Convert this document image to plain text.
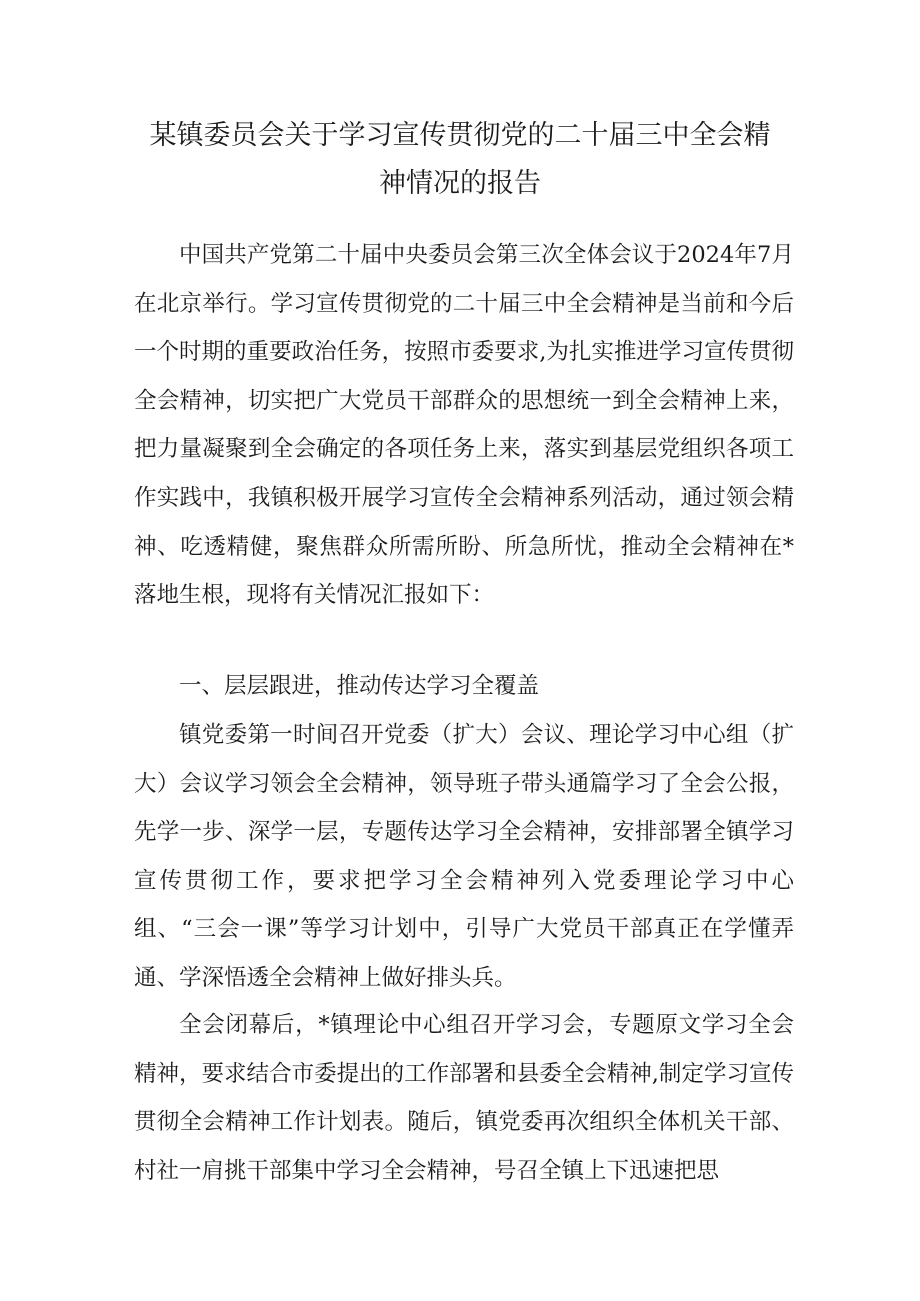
某镇委员会关于学习宣传贯彻党的二十届三中全会精
神情况的报告

中国共产党第二十届中央委员会第三次全体会议于2024年7月在北京举行。学习宣传贯彻党的二十届三中全会精神是当前和今后一个时期的重要政治任务，按照市委要求,为扎实推进学习宣传贯彻全会精神，切实把广大党员干部群众的思想统一到全会精神上来，把力量凝聚到全会确定的各项任务上来，落实到基层党组织各项工作实践中，我镇积极开展学习宣传全会精神系列活动，通过领会精神、吃透精健，聚焦群众所需所盼、所急所忧，推动全会精神在*落地生根，现将有关情况汇报如下：

一、层层跟进，推动传达学习全覆盖

镇党委第一时间召开党委（扩大）会议、理论学习中心组（扩大）会议学习领会全会精神，领导班子带头通篇学习了全会公报，先学一步、深学一层，专题传达学习全会精神，安排部署全镇学习宣传贯彻工作，要求把学习全会精神列入党委理论学习中心组、“三会一课”等学习计划中，引导广大党员干部真正在学懂弄通、学深悟透全会精神上做好排头兵。

全会闭幕后，*镇理论中心组召开学习会，专题原文学习全会精神，要求结合市委提出的工作部署和县委全会精神,制定学习宣传贯彻全会精神工作计划表。随后，镇党委再次组织全体机关干部、村社一肩挑干部集中学习全会精神，号召全镇上下迅速把思
